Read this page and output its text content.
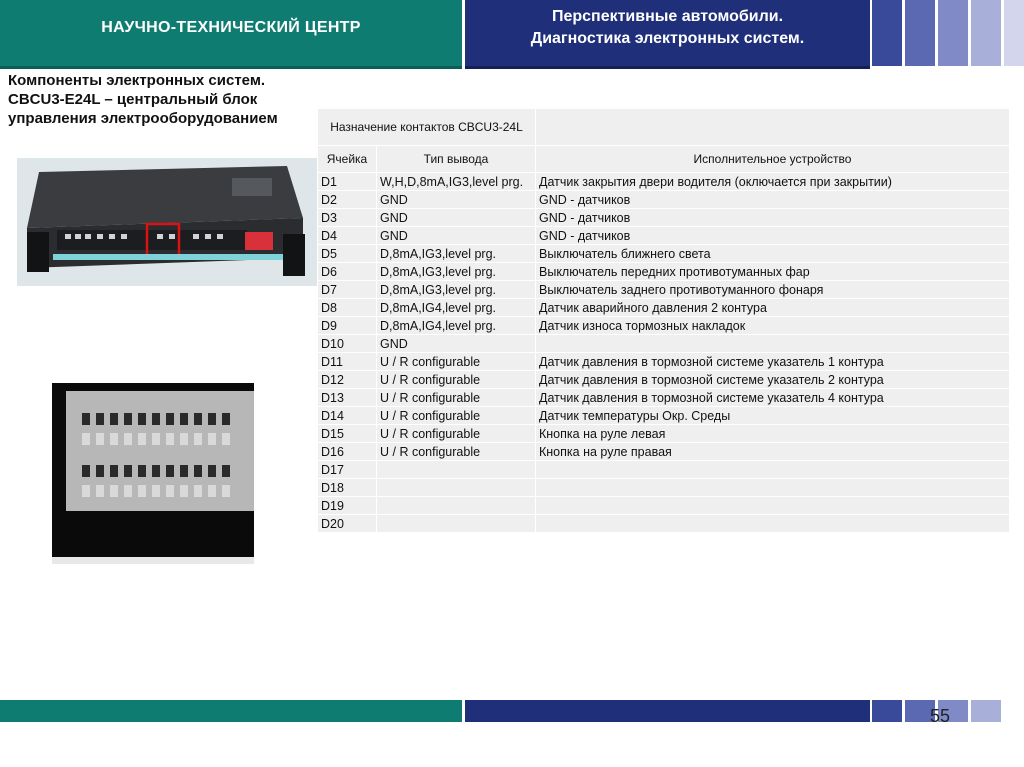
НАУЧНО-ТЕХНИЧЕСКИЙ ЦЕНТР
Перспективные автомобили.
Диагностика электронных систем.
Компоненты электронных систем.
CBCU3-E24L – центральный блок
управления электрооборудованием	Назначение контактов CBCU3-24L		
Ячейка	Тип вывода	Исполнительное устройство
D1	W,H,D,8mA,IG3,level prg.	Датчик закрытия двери водителя (оключается при закрытии)
D2	GND	GND - датчиков
D3	GND	GND - датчиков
D4	GND	GND - датчиков
D5	D,8mA,IG3,level prg.	Выключатель ближнего света
D6	D,8mA,IG3,level prg.	Выключатель передних противотуманных фар
D7	D,8mA,IG3,level prg.	Выключатель заднего противотуманного фонаря
D8	D,8mA,IG4,level prg.	Датчик аварийного давления 2 контура
D9	D,8mA,IG4,level prg.	Датчик износа тормозных накладок
D10	GND	
D11	U / R configurable	Датчик давления в тормозной системе указатель 1 контура
D12	U / R configurable	Датчик давления в тормозной системе указатель 2 контура
D13	U / R configurable	Датчик давления в тормозной системе указатель 4 контура
D14	U / R configurable	Датчик температуры Окр. Среды
D15	U / R configurable	Кнопка на руле левая
D16	U / R configurable	Кнопка на руле правая
D17		
D18		
D19		
D20		
55
